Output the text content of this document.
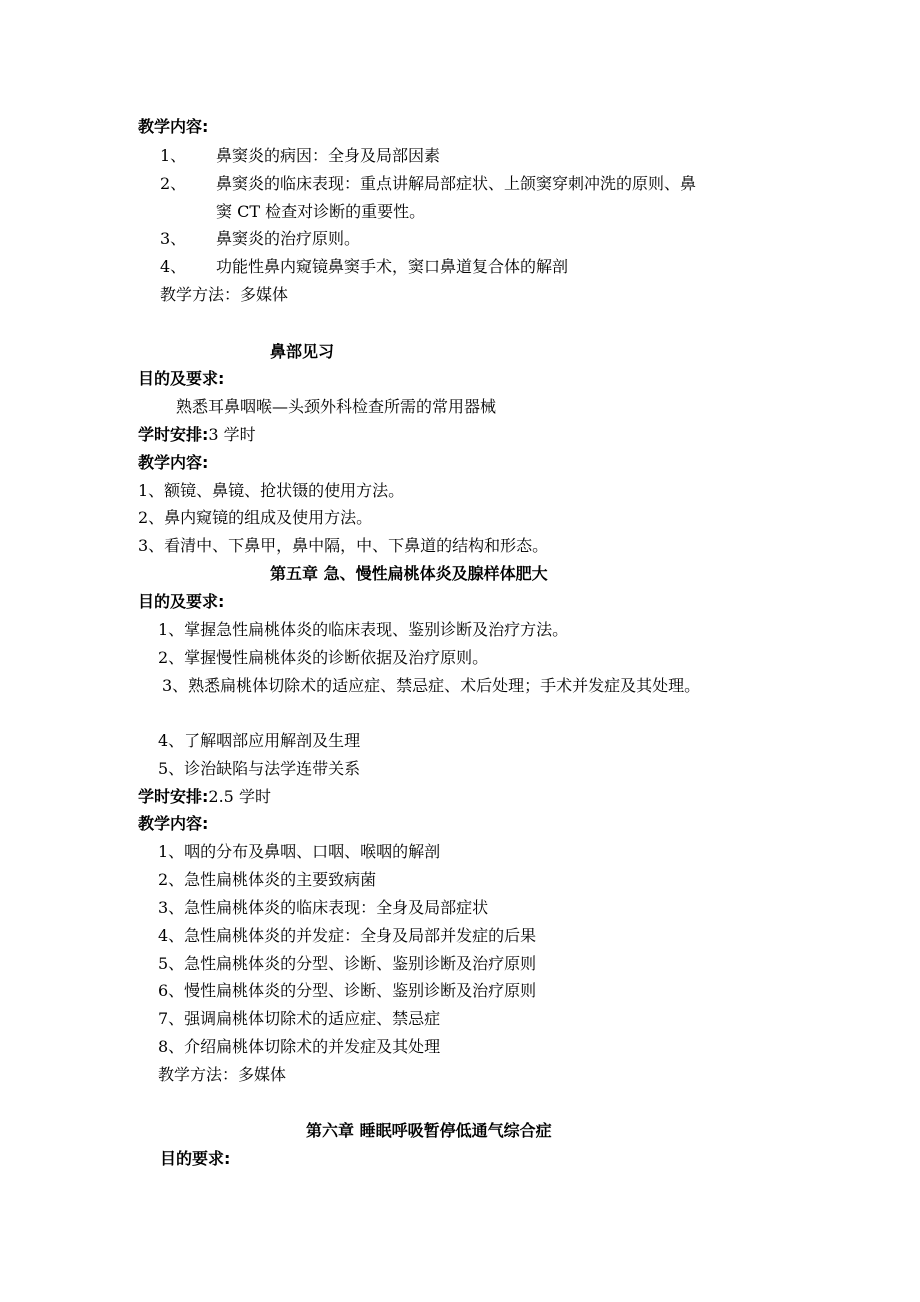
教学内容:
1、 鼻窦炎的病因：全身及局部因素
2、 鼻窦炎的临床表现：重点讲解局部症状、上颌窦穿刺冲洗的原则、鼻
窦 CT 检查对诊断的重要性。
3、 鼻窦炎的治疗原则。
4、 功能性鼻内窥镜鼻窦手术，窦口鼻道复合体的解剖
教学方法：多媒体
鼻部见习
目的及要求:
熟悉耳鼻咽喉—头颈外科检查所需的常用器械
学时安排:3 学时
教学内容:
1、额镜、鼻镜、抢状镊的使用方法。
2、鼻内窥镜的组成及使用方法。
3、看清中、下鼻甲，鼻中隔，中、下鼻道的结构和形态。
第五章 急、慢性扁桃体炎及腺样体肥大
目的及要求:
1、掌握急性扁桃体炎的临床表现、鉴别诊断及治疗方法。
2、掌握慢性扁桃体炎的诊断依据及治疗原则。
3、熟悉扁桃体切除术的适应症、禁忌症、术后处理；手术并发症及其处理。
4、了解咽部应用解剖及生理
5、诊治缺陷与法学连带关系
学时安排:2.5 学时
教学内容:
1、咽的分布及鼻咽、口咽、喉咽的解剖
2、急性扁桃体炎的主要致病菌
3、急性扁桃体炎的临床表现：全身及局部症状
4、急性扁桃体炎的并发症：全身及局部并发症的后果
5、急性扁桃体炎的分型、诊断、鉴别诊断及治疗原则
6、慢性扁桃体炎的分型、诊断、鉴别诊断及治疗原则
7、强调扁桃体切除术的适应症、禁忌症
8、介绍扁桃体切除术的并发症及其处理
教学方法：多媒体
第六章 睡眠呼吸暂停低通气综合症
目的要求:
